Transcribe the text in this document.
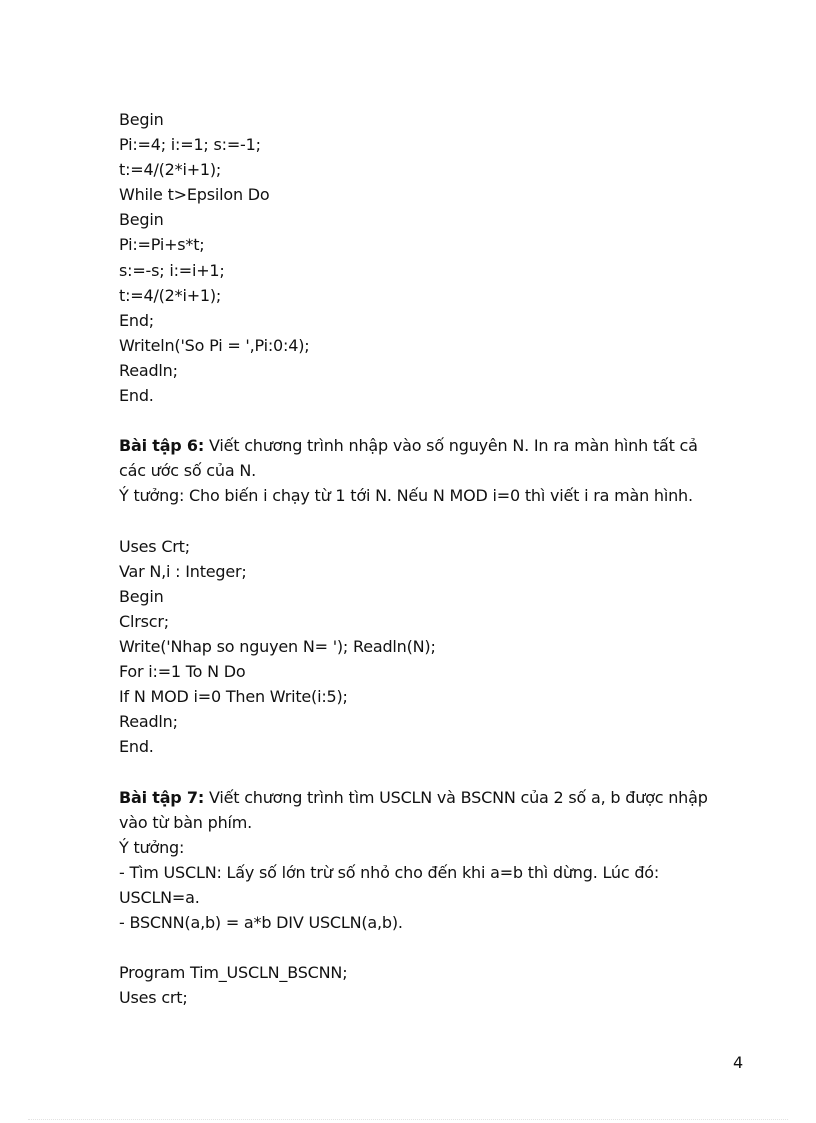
Begin
Pi:=4; i:=1; s:=-1;
t:=4/(2*i+1);
While t>Epsilon Do
Begin
Pi:=Pi+s*t;
s:=-s; i:=i+1;
t:=4/(2*i+1);
End;
Writeln('So Pi = ',Pi:0:4);
Readln;
End.
Bài tập 6: Viết chương trình nhập vào số nguyên N. In ra màn hình tất cả
các ước số của N.
Ý tưởng: Cho biến i chạy từ 1 tới N. Nếu N MOD i=0 thì viết i ra màn hình.
Uses Crt;
Var N,i : Integer;
Begin
Clrscr;
Write('Nhap so nguyen N= '); Readln(N);
For i:=1 To N Do
If N MOD i=0 Then Write(i:5);
Readln;
End.
Bài tập 7: Viết chương trình tìm USCLN và BSCNN của 2 số a, b được nhập
vào từ bàn phím.
Ý tưởng:
- Tìm USCLN: Lấy số lớn trừ số nhỏ cho đến khi a=b thì dừng. Lúc đó:
USCLN=a.
- BSCNN(a,b) = a*b DIV USCLN(a,b).
Program Tim_USCLN_BSCNN;
Uses crt;
4
